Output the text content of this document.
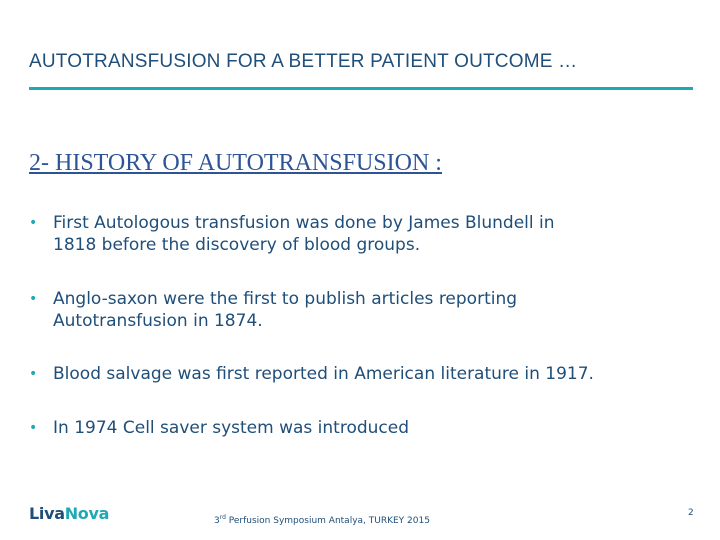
AUTOTRANSFUSION FOR A BETTER PATIENT OUTCOME …
2- HISTORY OF AUTOTRANSFUSION :
• First Autologous transfusion was done by James Blundell in
1818 before the discovery of blood groups.
• Anglo-saxon were the first to publish articles reporting
Autotransfusion in 1874.
• Blood salvage was first reported in American literature in 1917.
• In 1974 Cell saver system was introduced
LivaNova	3rd Perfusion Symposium Antalya, TURKEY 2015
2
